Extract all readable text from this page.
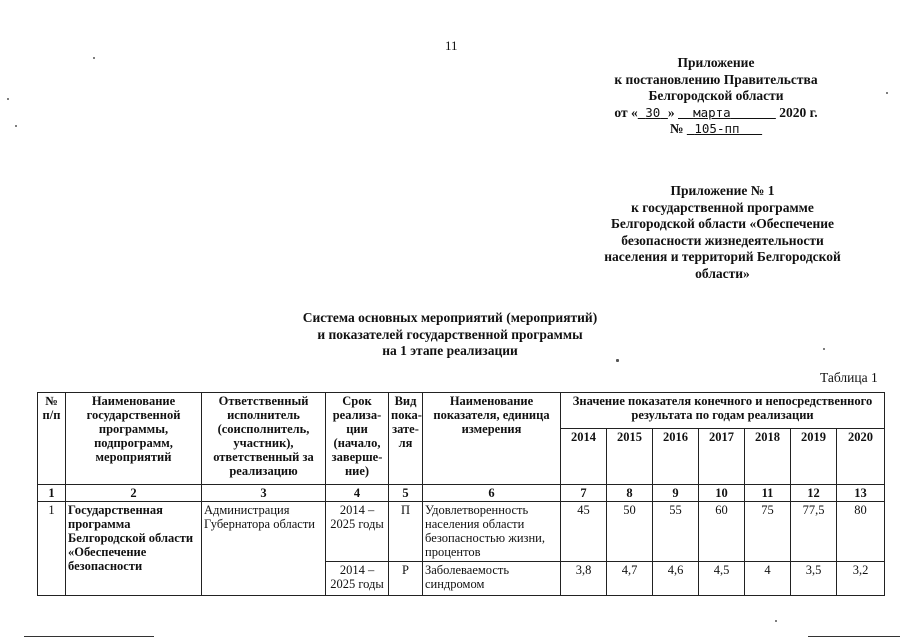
11
Приложение
к постановлению Правительства
Белгородской области
от « 30 » марта	2020 г.
№ 105-пп
Приложение № 1
к государственной программе
Белгородской области «Обеспечение
безопасности жизнедеятельности
населения и территорий Белгородской
области»
Система основных мероприятий (мероприятий)
и показателей государственной программы
на 1 этапе реализации
Таблица 1
№ п/п	Наименование государственной программы, подпрограмм, мероприятий	Ответственный исполнитель (соисполнитель, участник), ответственный за реализацию	Срок реализа-ции (начало, заверше-ние)	Вид пока-зате-ля	Наименование показателя, единица измерения	Значение показателя конечного и непосредственного результата по годам реализации						
						2014	2015	2016	2017	2018	2019	2020
1	2	3	4	5	6	7	8	9	10	11	12	13
1	Государственная программа Белгородской области «Обеспечение безопасности	Администрация Губернатора области	2014 – 2025 годы	П	Удовлетворенность населения области безопасностью жизни, процентов	45	50	55	60	75	77,5	80
			2014 – 2025 годы	Р	Заболеваемость синдромом	3,8	4,7	4,6	4,5	4	3,5	3,2
